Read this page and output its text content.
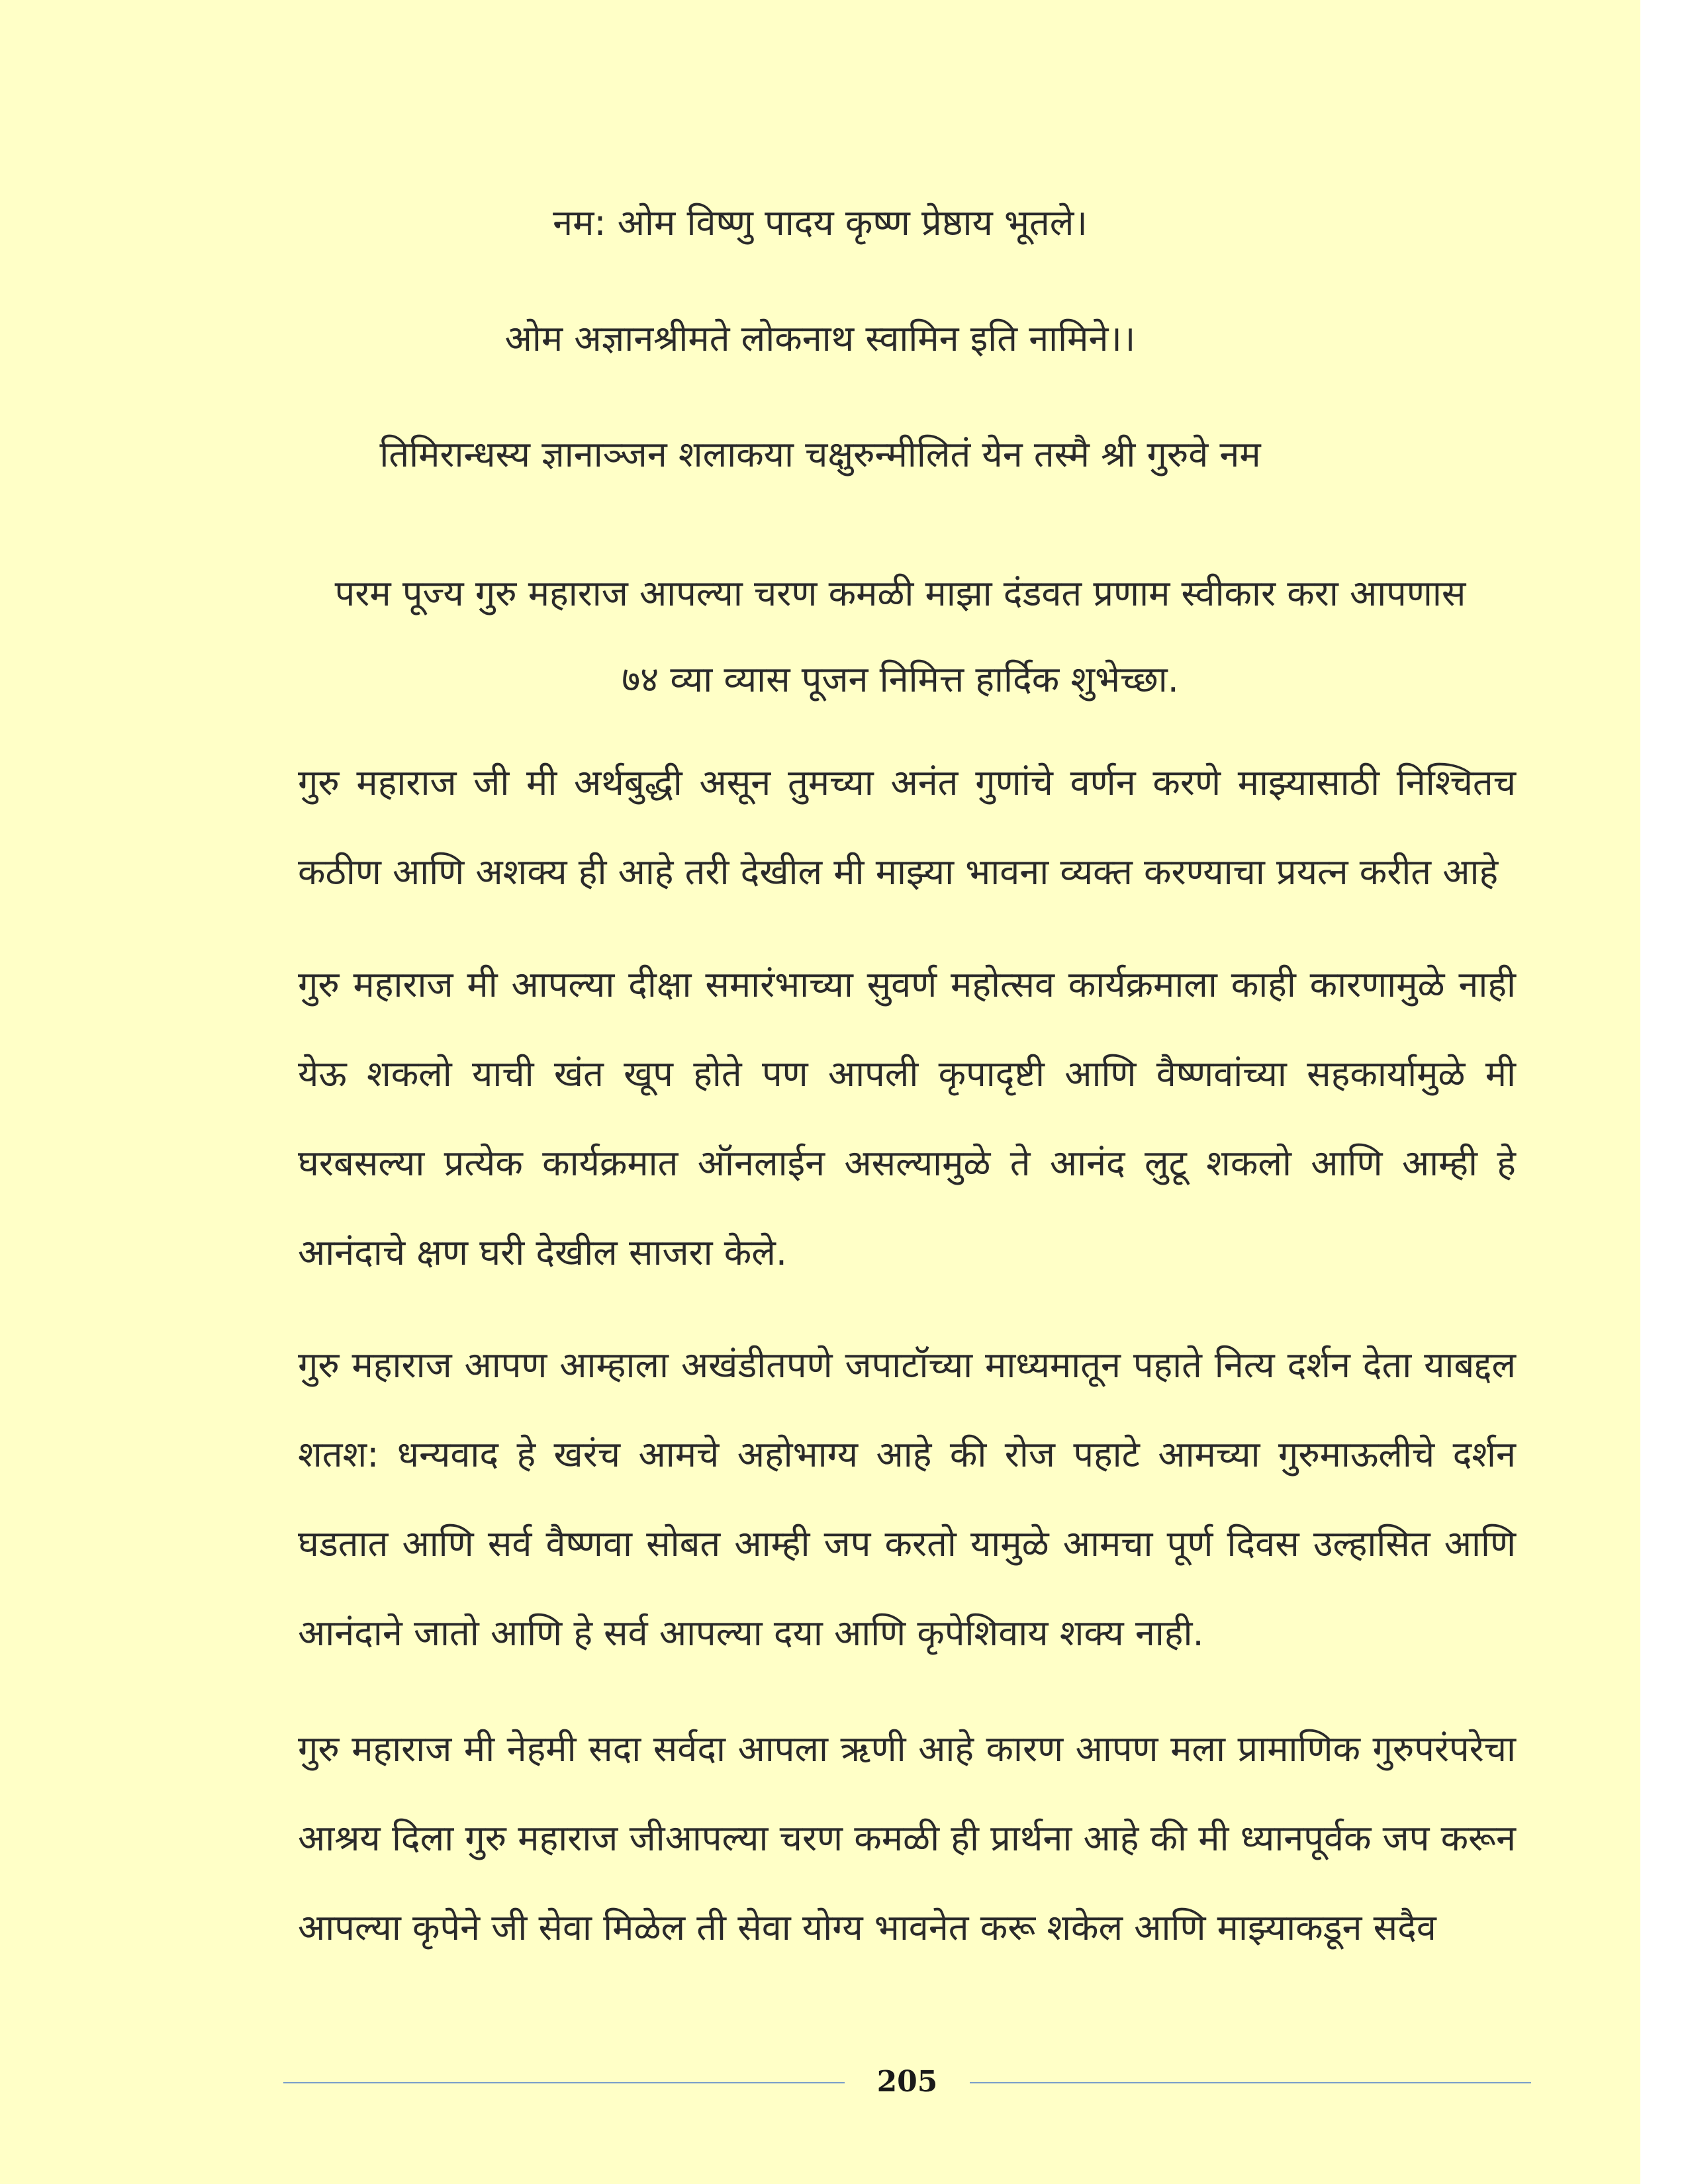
नम: ओम विष्णु पादय कृष्ण प्रेष्ठाय भूतले।
ओम अज्ञानश्रीमते लोकनाथ स्वामिन इति नामिने।।
तिमिरान्धस्य ज्ञानाञ्जन शलाकया चक्षुरुन्मीलितं येन तस्मै श्री गुरुवे नम
परम पूज्य गुरु महाराज आपल्या चरण कमळी माझा दंडवत प्रणाम स्वीकार करा आपणास ७४ व्या व्यास पूजन निमित्त हार्दिक शुभेच्छा.
गुरु महाराज जी मी अर्थबुद्धी असून तुमच्या अनंत गुणांचे वर्णन करणे माझ्यासाठी निश्चितच कठीण आणि अशक्य ही आहे तरी देखील मी माझ्या भावना व्यक्त करण्याचा प्रयत्न करीत आहे
गुरु महाराज मी आपल्या दीक्षा समारंभाच्या सुवर्ण महोत्सव कार्यक्रमाला काही कारणामुळे नाही येऊ शकलो याची खंत खूप होते पण आपली कृपादृष्टी आणि वैष्णवांच्या सहकार्यामुळे मी घरबसल्या प्रत्येक कार्यक्रमात ऑनलाईन असल्यामुळे ते आनंद लुटू शकलो आणि आम्ही हे आनंदाचे क्षण घरी देखील साजरा केले.
गुरु महाराज आपण आम्हाला अखंडीतपणे जपाटॉच्या माध्यमातून पहाते नित्य दर्शन देता याबद्दल शतश: धन्यवाद हे खरंच आमचे अहोभाग्य आहे की रोज पहाटे आमच्या गुरुमाऊलीचे दर्शन घडतात आणि सर्व वैष्णवा सोबत आम्ही जप करतो यामुळे आमचा पूर्ण दिवस उल्हासित आणि आनंदाने जातो आणि हे सर्व आपल्या दया आणि कृपेशिवाय शक्य नाही.
गुरु महाराज मी नेहमी सदा सर्वदा आपला ऋणी आहे कारण आपण मला प्रामाणिक गुरुपरंपरेचा आश्रय दिला गुरु महाराज जीआपल्या चरण कमळी ही प्रार्थना आहे की मी ध्यानपूर्वक जप करून आपल्या कृपेने जी सेवा मिळेल ती सेवा योग्य भावनेत करू शकेल आणि माझ्याकडून सदैव
205
